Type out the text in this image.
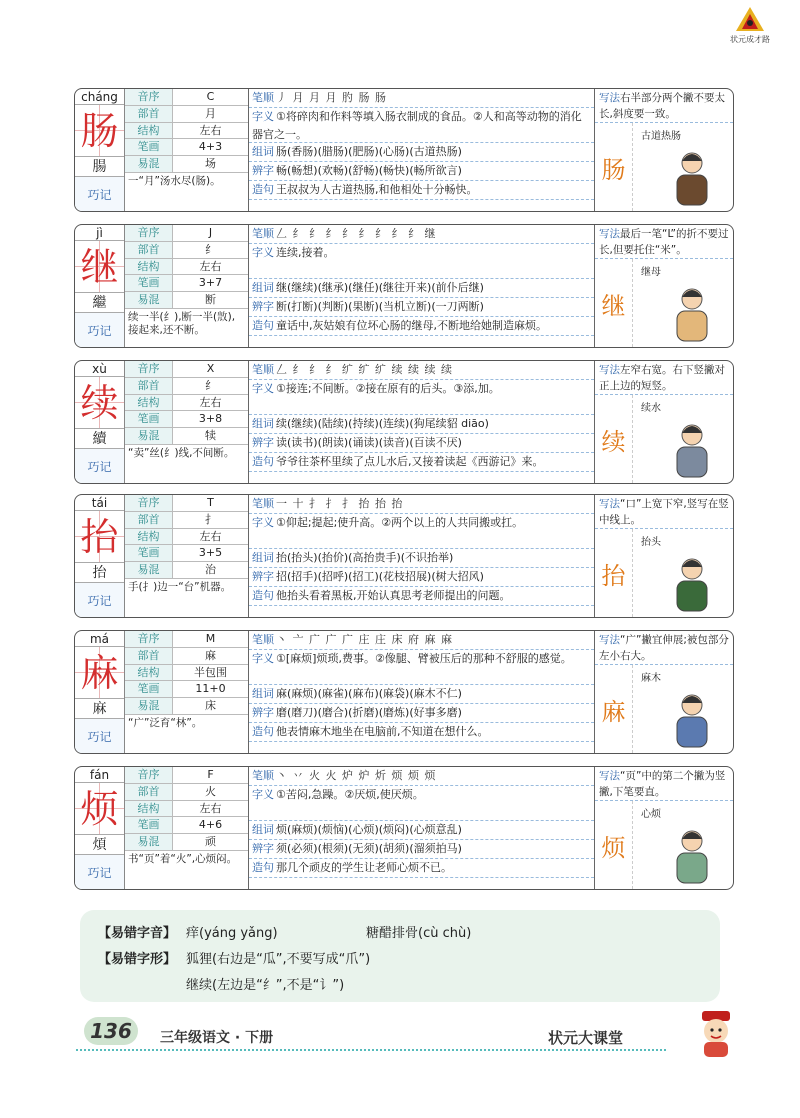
状元成才路
cháng
肠
腸
巧记
音序	C
部首	月
结构	左右
笔画	4+3
易混	场
一“月”汤水尽(肠)。
笔顺 丿 月 月 月 肑 肠 肠
字义 ①将碎肉和作料等填入肠衣制成的食品。②人和高等动物的消化器官之一。
组词 肠(香肠)(腊肠)(肥肠)(心肠)(古道热肠)
辨字 畅(畅想)(欢畅)(舒畅)(畅快)(畅所欲言)
造句 王叔叔为人古道热肠,和他相处十分畅快。
写法右半部分两个撇不要太长,斜度要一致。
肠
古道热肠
jì
继
繼
巧记
音序	J
部首	纟
结构	左右
笔画	3+7
易混	断
续一半(纟),断一半(𣁋),接起来,还不断。
笔顺 𠃋 纟 纟 纟 纟 纟 纟 纟 纟 继
字义 连续,接着。
组词 继(继续)(继承)(继任)(继往开来)(前仆后继)
辨字 断(打断)(判断)(果断)(当机立断)(一刀两断)
造句 童话中,灰姑娘有位坏心肠的继母,不断地给她制造麻烦。
写法最后一笔“L”的折不要过长,但要托住“米”。
继
继母
xù
续
續
巧记
音序	X
部首	纟
结构	左右
笔画	3+8
易混	犊
“卖”丝(纟)线,不间断。
笔顺 𠃋 纟 纟 纟 纩 纩 纩 续 续 续 续
字义 ①接连;不间断。②接在原有的后头。③添,加。
组词 续(继续)(陆续)(持续)(连续)(狗尾续貂 diāo)
辨字 读(读书)(朗读)(诵读)(读音)(百读不厌)
造句 爷爷往茶杯里续了点儿水后,又接着读起《西游记》来。
写法左窄右宽。右下竖撇对正上边的短竖。
续
续水
tái
抬
抬
巧记
音序	T
部首	扌
结构	左右
笔画	3+5
易混	治
手(扌)边一“台”机器。
笔顺 一 十 扌 扌 扌 抬 抬 抬
字义 ①仰起;提起;使升高。②两个以上的人共同搬或扛。
组词 抬(抬头)(抬价)(高抬贵手)(不识抬举)
辨字 招(招手)(招呼)(招工)(花枝招展)(树大招风)
造句 他抬头看着黑板,开始认真思考老师提出的问题。
写法“口”上宽下窄,竖写在竖中线上。
抬
抬头
má
麻
麻
巧记
音序	M
部首	麻
结构	半包围
笔画	11+0
易混	床
“广”泛育“林”。
笔顺 丶 亠 广 广 广 庄 庄 床 府 麻 麻
字义 ①[麻烦]烦琐,费事。②像腿、臂被压后的那种不舒服的感觉。
组词 麻(麻烦)(麻雀)(麻布)(麻袋)(麻木不仁)
辨字 磨(磨刀)(磨合)(折磨)(磨炼)(好事多磨)
造句 他表情麻木地坐在电脑前,不知道在想什么。
写法“广”撇宜伸展;被包部分左小右大。
麻
麻木
fán
烦
煩
巧记
音序	F
部首	火
结构	左右
笔画	4+6
易混	顽
书“页”着“火”,心烦闷。
笔顺 丶 丷 火 火 炉 炉 炘 烦 烦 烦
字义 ①苦闷,急躁。②厌烦,使厌烦。
组词 烦(麻烦)(烦恼)(心烦)(烦闷)(心烦意乱)
辨字 须(必须)(根须)(无须)(胡须)(溜须拍马)
造句 那几个顽皮的学生让老师心烦不已。
写法“页”中的第二个撇为竖撇,下笔要直。
烦
心烦
【易错字音】 痒(yáng yǎng)	糖醋排骨(cù chù)
【易错字形】 狐狸(右边是“瓜”,不要写成“爪”)
继续(左边是“纟”,不是“讠”)
136	三年级语文 · 下册	状元大课堂
